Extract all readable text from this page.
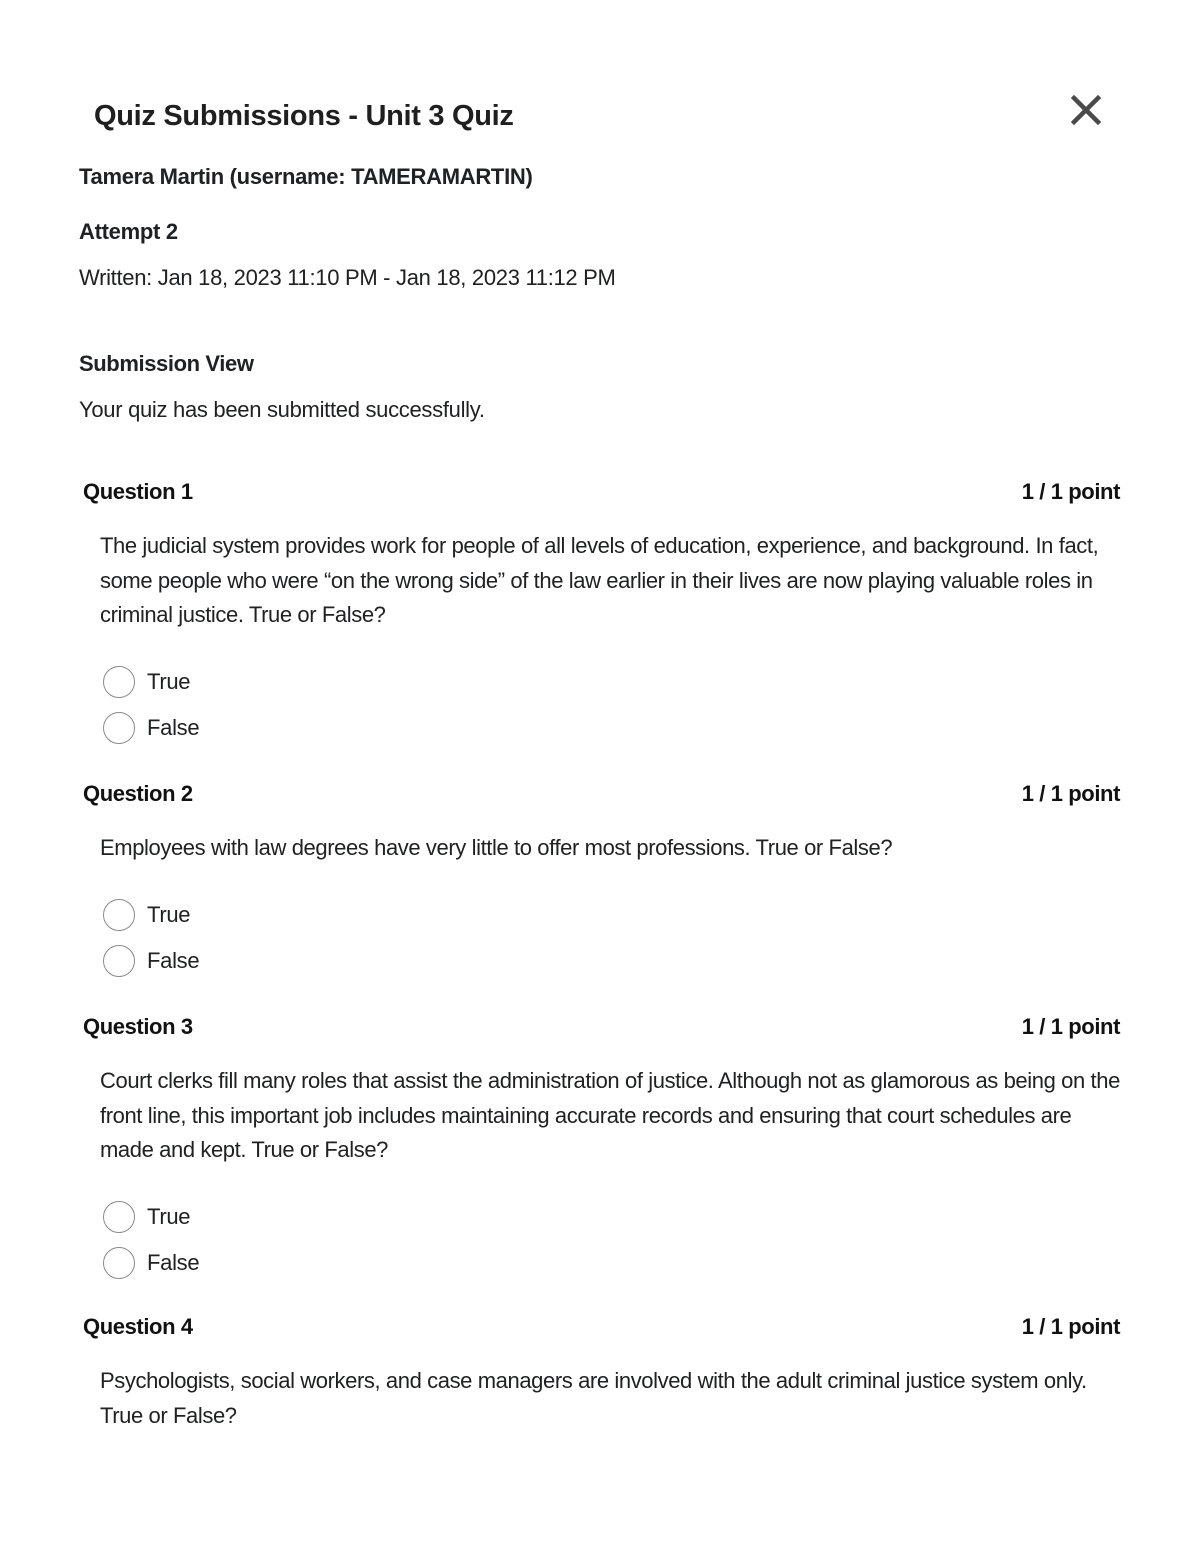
Quiz Submissions - Unit 3 Quiz
Tamera Martin (username: TAMERAMARTIN)
Attempt 2
Written: Jan 18, 2023 11:10 PM - Jan 18, 2023 11:12 PM
Submission View
Your quiz has been submitted successfully.
Question 1	1 / 1 point
The judicial system provides work for people of all levels of education, experience, and background. In fact, some people who were “on the wrong side” of the law earlier in their lives are now playing valuable roles in criminal justice. True or False?
True
False
Question 2	1 / 1 point
Employees with law degrees have very little to offer most professions. True or False?
True
False
Question 3	1 / 1 point
Court clerks fill many roles that assist the administration of justice. Although not as glamorous as being on the front line, this important job includes maintaining accurate records and ensuring that court schedules are made and kept. True or False?
True
False
Question 4	1 / 1 point
Psychologists, social workers, and case managers are involved with the adult criminal justice system only. True or False?
